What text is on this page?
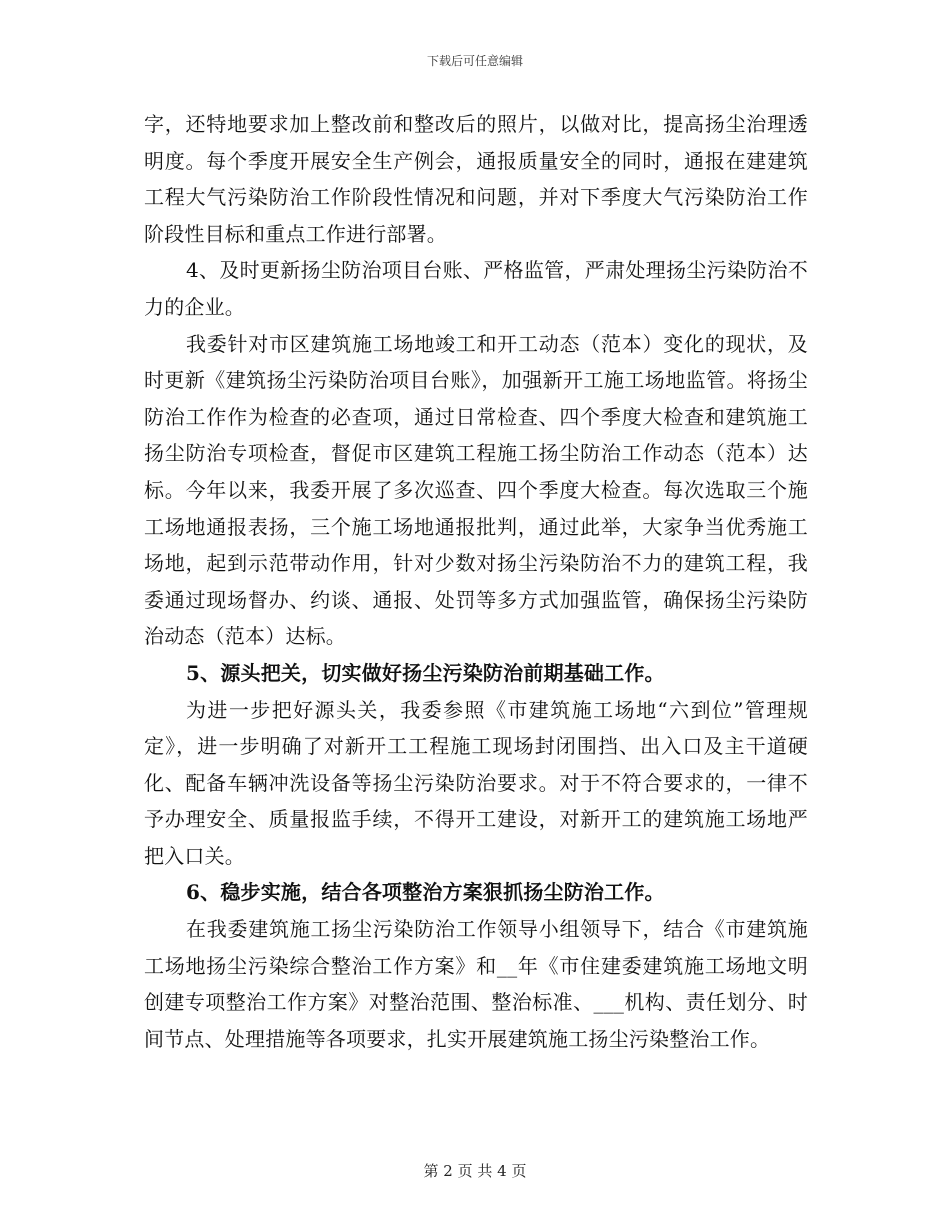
下载后可任意编辑

字，还特地要求加上整改前和整改后的照片，以做对比，提高扬尘治理透明度。每个季度开展安全生产例会，通报质量安全的同时，通报在建建筑工程大气污染防治工作阶段性情况和问题，并对下季度大气污染防治工作阶段性目标和重点工作进行部署。

4、及时更新扬尘防治项目台账、严格监管，严肃处理扬尘污染防治不力的企业。

我委针对市区建筑施工场地竣工和开工动态（范本）变化的现状，及时更新《建筑扬尘污染防治项目台账》，加强新开工施工场地监管。将扬尘防治工作作为检查的必查项，通过日常检查、四个季度大检查和建筑施工扬尘防治专项检查，督促市区建筑工程施工扬尘防治工作动态（范本）达标。今年以来，我委开展了多次巡查、四个季度大检查。每次选取三个施工场地通报表扬，三个施工场地通报批判，通过此举，大家争当优秀施工场地，起到示范带动作用，针对少数对扬尘污染防治不力的建筑工程，我委通过现场督办、约谈、通报、处罚等多方式加强监管，确保扬尘污染防治动态（范本）达标。

5、源头把关，切实做好扬尘污染防治前期基础工作。

为进一步把好源头关，我委参照《市建筑施工场地“六到位”管理规定》，进一步明确了对新开工工程施工现场封闭围挡、出入口及主干道硬化、配备车辆冲洗设备等扬尘污染防治要求。对于不符合要求的，一律不予办理安全、质量报监手续，不得开工建设，对新开工的建筑施工场地严把入口关。

6、稳步实施，结合各项整治方案狠抓扬尘防治工作。

在我委建筑施工扬尘污染防治工作领导小组领导下，结合《市建筑施工场地扬尘污染综合整治工作方案》和__年《市住建委建筑施工场地文明创建专项整治工作方案》对整治范围、整治标准、___机构、责任划分、时间节点、处理措施等各项要求，扎实开展建筑施工扬尘污染整治工作。

第 2 页 共 4 页
